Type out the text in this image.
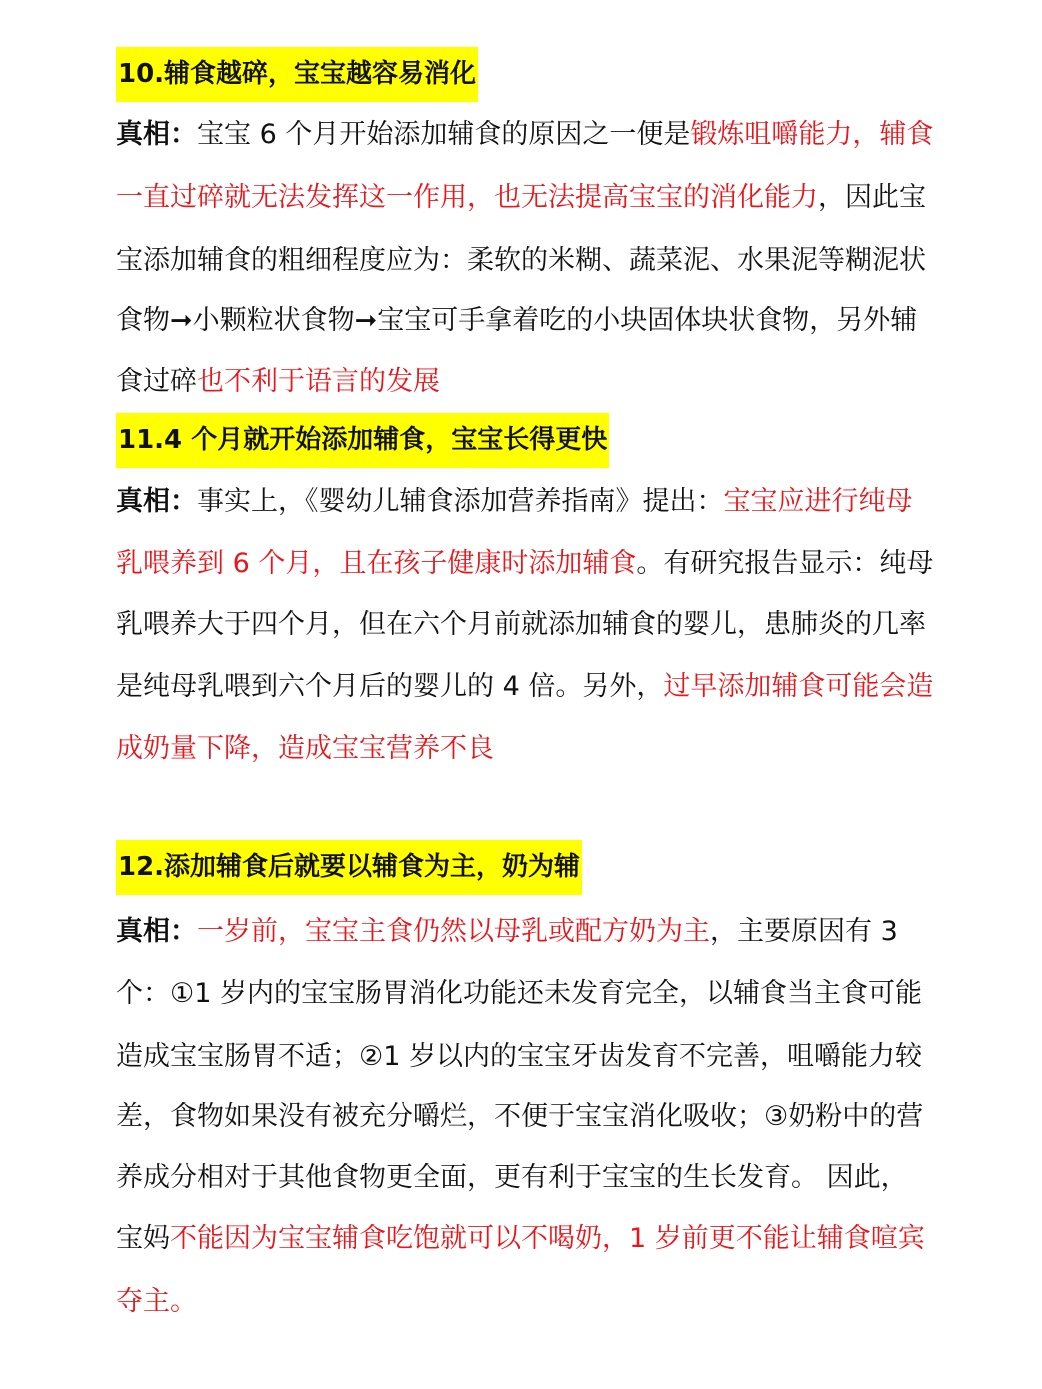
10.辅食越碎，宝宝越容易消化
真相：宝宝 6 个月开始添加辅食的原因之一便是锻炼咀嚼能力，辅食
一直过碎就无法发挥这一作用，也无法提高宝宝的消化能力，因此宝
宝添加辅食的粗细程度应为：柔软的米糊、蔬菜泥、水果泥等糊泥状
食物➞小颗粒状食物➞宝宝可手拿着吃的小块固体块状食物，另外辅
食过碎也不利于语言的发展
11.4 个月就开始添加辅食，宝宝长得更快
真相：事实上，《婴幼儿辅食添加营养指南》提出：宝宝应进行纯母
乳喂养到 6 个月，且在孩子健康时添加辅食。有研究报告显示：纯母
乳喂养大于四个月，但在六个月前就添加辅食的婴儿，患肺炎的几率
是纯母乳喂到六个月后的婴儿的 4 倍。另外，过早添加辅食可能会造
成奶量下降，造成宝宝营养不良
12.添加辅食后就要以辅食为主，奶为辅
真相：一岁前，宝宝主食仍然以母乳或配方奶为主，主要原因有 3
个：①1 岁内的宝宝肠胃消化功能还未发育完全，以辅食当主食可能
造成宝宝肠胃不适；②1 岁以内的宝宝牙齿发育不完善，咀嚼能力较
差，食物如果没有被充分嚼烂，不便于宝宝消化吸收；③奶粉中的营
养成分相对于其他食物更全面，更有利于宝宝的生长发育。 因此，
宝妈不能因为宝宝辅食吃饱就可以不喝奶，1 岁前更不能让辅食喧宾
夺主。
